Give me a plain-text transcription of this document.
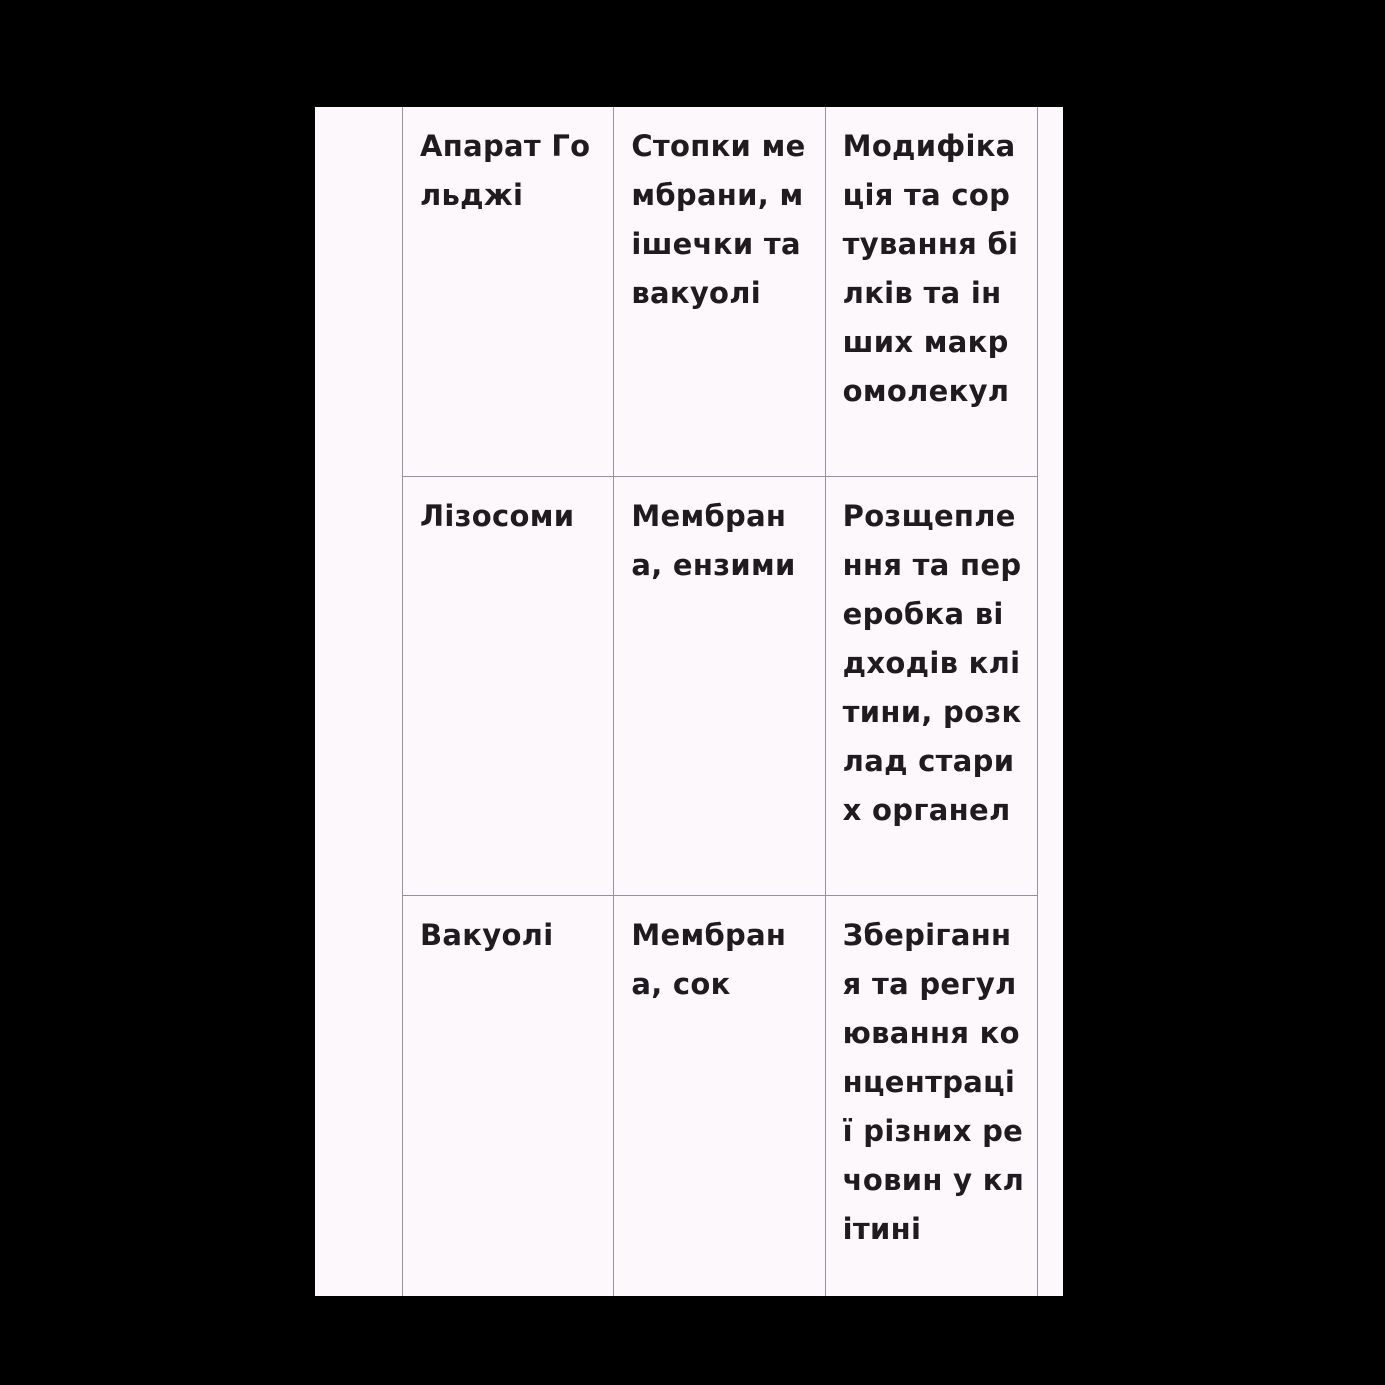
Апарат Гольджі	Стопки мембрани, мішечки та вакуолі	Модифікація та сортування білків та інших макромолекул
Лізосоми	Мембрана, ензими	Розщеплення та переробка відходів клітини, розклад старих органел
Вакуолі	Мембрана, сок	Зберігання та регулювання концентрації різних речовин у клітині
